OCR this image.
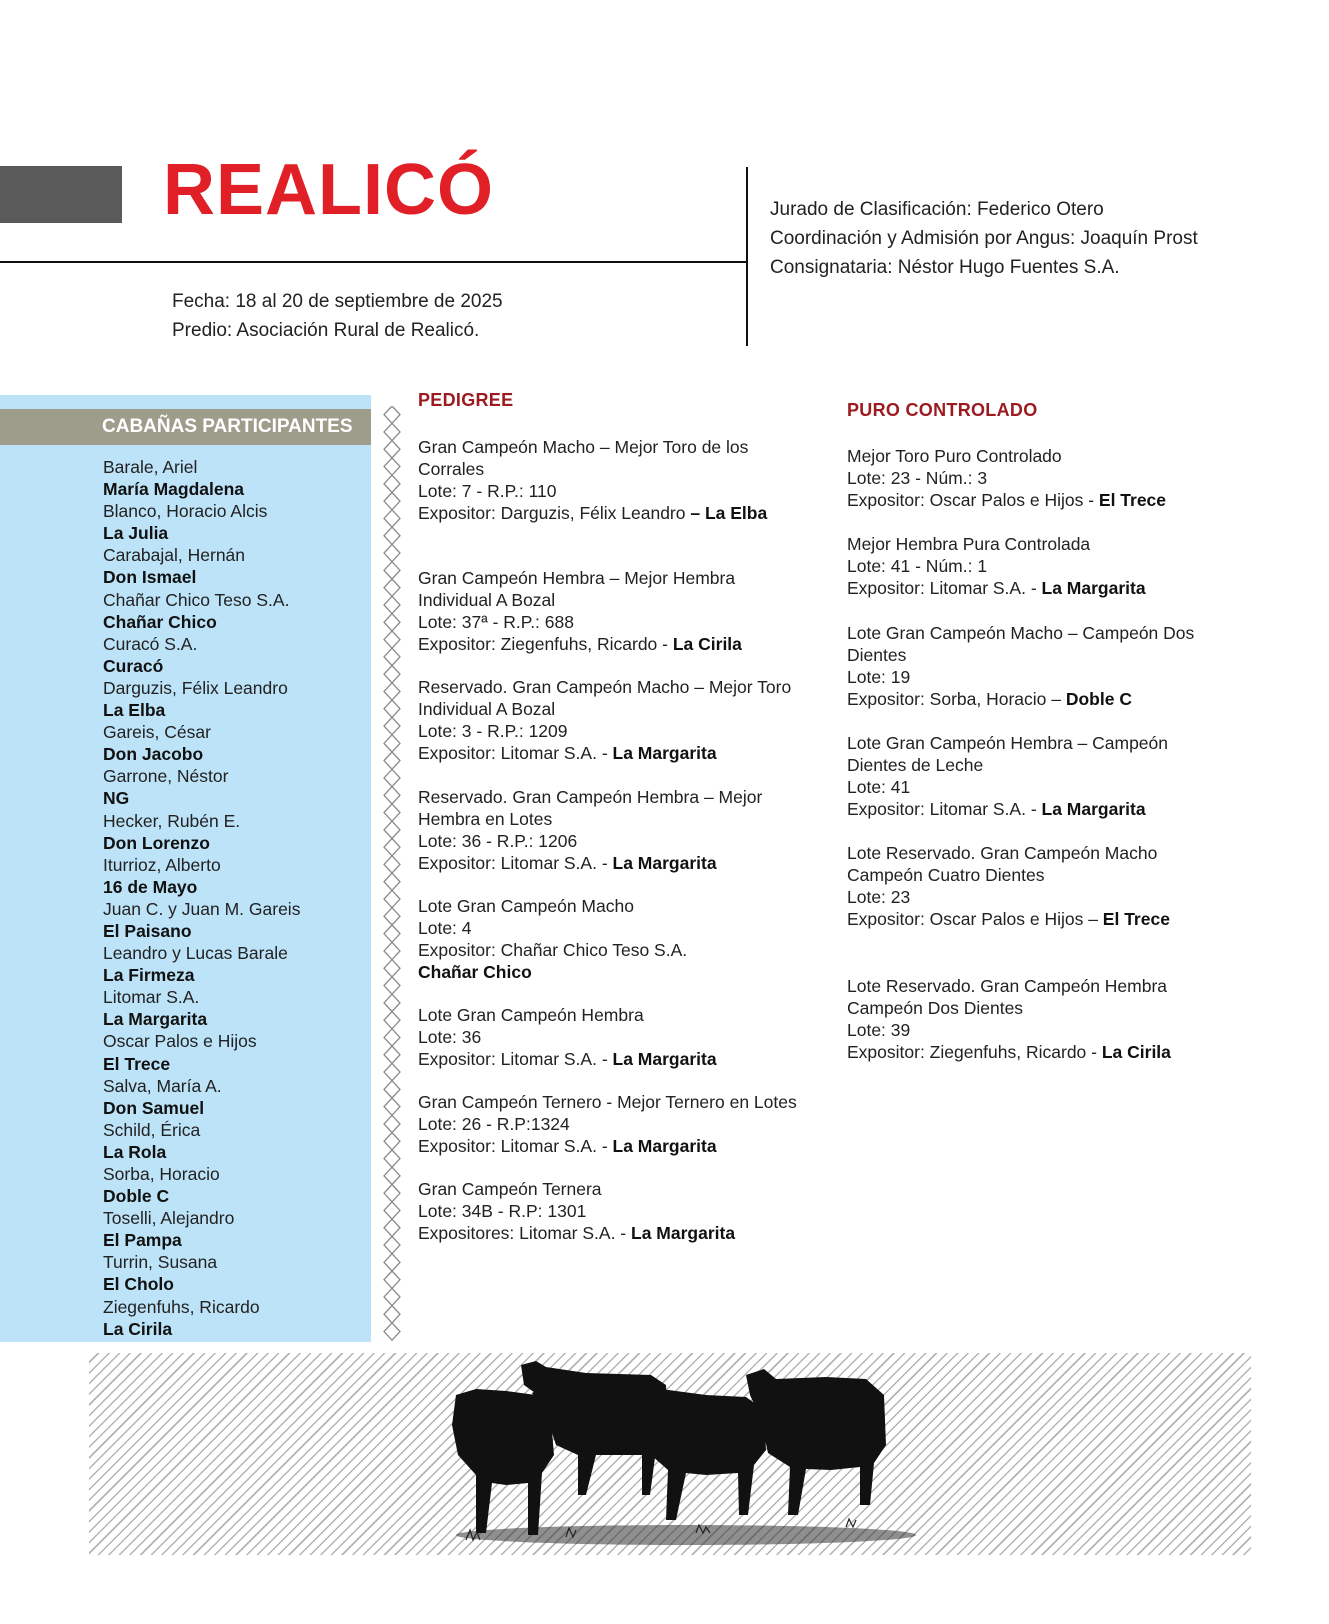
REALICÓ
Fecha: 18 al 20 de septiembre de 2025
Predio: Asociación Rural de Realicó.
Jurado de Clasificación: Federico Otero
Coordinación y Admisión por Angus: Joaquín Prost
Consignataria: Néstor Hugo Fuentes S.A.
CABAÑAS PARTICIPANTES
Barale, Ariel
María Magdalena
Blanco, Horacio Alcis
La Julia
Carabajal, Hernán
Don Ismael
Chañar Chico Teso S.A.
Chañar Chico
Curacó S.A.
Curacó
Darguzis, Félix Leandro
La Elba
Gareis, César
Don Jacobo
Garrone, Néstor
NG
Hecker, Rubén E.
Don Lorenzo
Iturrioz, Alberto
16 de Mayo
Juan C. y Juan M. Gareis
El Paisano
Leandro y Lucas Barale
La Firmeza
Litomar S.A.
La Margarita
Oscar Palos e Hijos
El Trece
Salva, María A.
Don Samuel
Schild, Érica
La Rola
Sorba, Horacio
Doble C
Toselli, Alejandro
El Pampa
Turrin, Susana
El Cholo
Ziegenfuhs, Ricardo
La Cirila
PEDIGREE
Gran Campeón Macho – Mejor Toro de los Corrales
Lote: 7 - R.P.: 110
Expositor: Darguzis, Félix Leandro – La Elba
Gran Campeón Hembra – Mejor Hembra Individual A Bozal
Lote: 37ª - R.P.: 688
Expositor: Ziegenfuhs, Ricardo - La Cirila
Reservado. Gran Campeón Macho – Mejor Toro Individual A Bozal
Lote: 3 - R.P.: 1209
Expositor: Litomar S.A. - La Margarita
Reservado. Gran Campeón Hembra – Mejor Hembra en Lotes
Lote: 36 - R.P.: 1206
Expositor: Litomar S.A. - La Margarita
Lote Gran Campeón Macho
Lote: 4
Expositor: Chañar Chico Teso S.A.
Chañar Chico
Lote Gran Campeón Hembra
Lote: 36
Expositor: Litomar S.A. - La Margarita
Gran Campeón Ternero - Mejor Ternero en Lotes
Lote: 26 - R.P:1324
Expositor: Litomar S.A. - La Margarita
Gran Campeón Ternera
Lote: 34B - R.P: 1301
Expositores: Litomar S.A. - La Margarita
PURO CONTROLADO
Mejor Toro Puro Controlado
Lote: 23 - Núm.: 3
Expositor: Oscar Palos e Hijos - El Trece
Mejor Hembra Pura Controlada
Lote: 41 - Núm.: 1
Expositor: Litomar S.A. - La Margarita
Lote Gran Campeón Macho – Campeón Dos Dientes
Lote: 19
Expositor: Sorba, Horacio – Doble C
Lote Gran Campeón Hembra – Campeón Dientes de Leche
Lote: 41
Expositor: Litomar S.A. - La Margarita
Lote Reservado. Gran Campeón Macho Campeón Cuatro Dientes
Lote: 23
Expositor: Oscar Palos e Hijos – El Trece
Lote Reservado. Gran Campeón Hembra Campeón Dos Dientes
Lote: 39
Expositor: Ziegenfuhs, Ricardo - La Cirila
